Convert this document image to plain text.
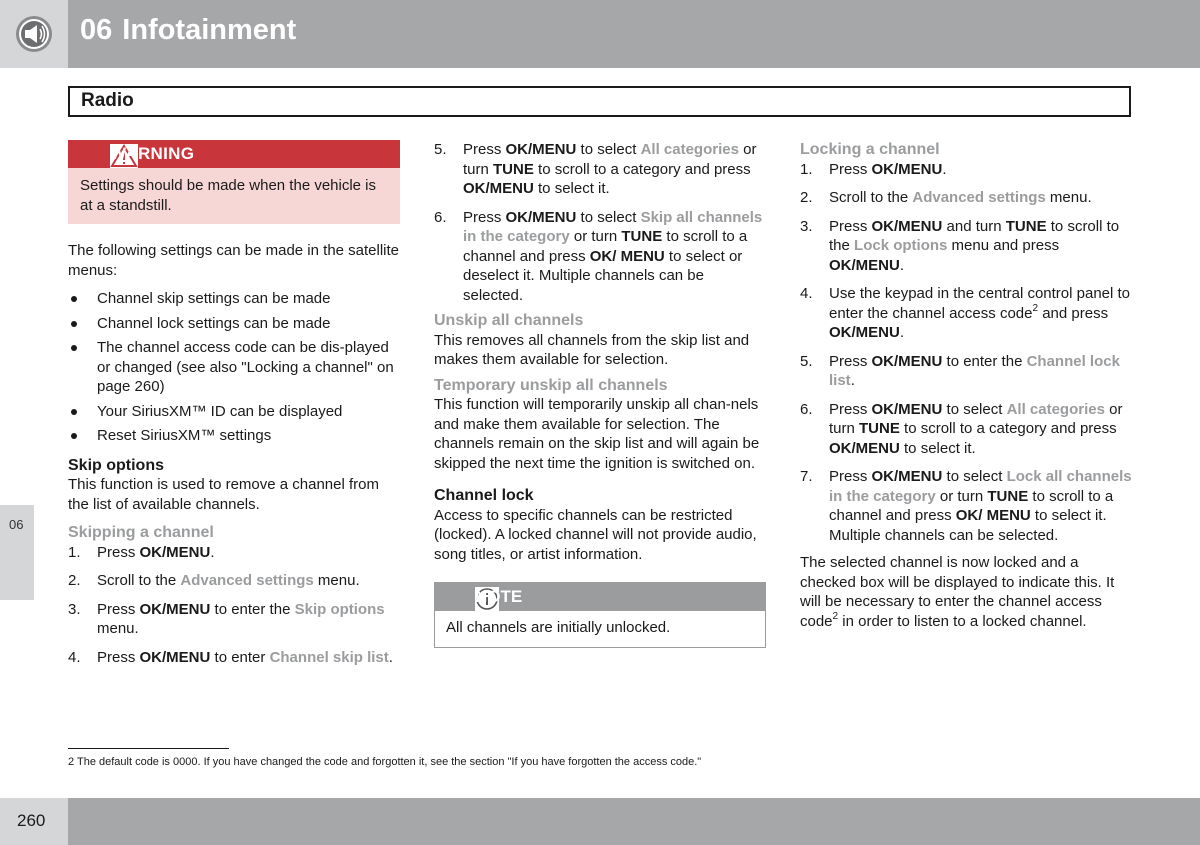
06 Infotainment
06
Radio
WARNING
Settings should be made when the vehicle is at a standstill.

The following settings can be made in the satellite menus:

Channel skip settings can be made
Channel lock settings can be made
The channel access code can be dis-played or changed (see also "Locking a channel" on page 260)
Your SiriusXM™ ID can be displayed
Reset SiriusXM™ settings

Skip options

This function is used to remove a channel from the list of available channels.

Skipping a channel

1. Press OK/MENU.
2. Scroll to the Advanced settings menu.
3. Press OK/MENU to enter the Skip options menu.
4. Press OK/MENU to enter Channel skip list.
5. Press OK/MENU to select All categories or turn TUNE to scroll to a category and press OK/MENU to select it.
6. Press OK/MENU to select Skip all channels in the category or turn TUNE to scroll to a channel and press OK/ MENU to select or deselect it. Multiple channels can be selected.

Unskip all channels

This removes all channels from the skip list and makes them available for selection.

Temporary unskip all channels

This function will temporarily unskip all chan-nels and make them available for selection. The channels remain on the skip list and will again be skipped the next time the ignition is switched on.

Channel lock

Access to specific channels can be restricted (locked). A locked channel will not provide audio, song titles, or artist information.

NOTE
All channels are initially unlocked.

Locking a channel

1. Press OK/MENU.
2. Scroll to the Advanced settings menu.
3. Press OK/MENU and turn TUNE to scroll to the Lock options menu and press OK/MENU.
4. Use the keypad in the central control panel to enter the channel access code$^2$ and press OK/MENU.
5. Press OK/MENU to enter the Channel lock list.
6. Press OK/MENU to select All categories or turn TUNE to scroll to a category and press OK/MENU to select it.
7. Press OK/MENU to select Lock all channels in the category or turn TUNE to scroll to a channel and press OK/ MENU to select it. Multiple channels can be selected.

The selected channel is now locked and a checked box will be displayed to indicate this. It will be necessary to enter the channel access code$^2$ in order to listen to a locked channel.

2 The default code is 0000. If you have changed the code and forgotten it, see the section "If you have forgotten the access code."
260
